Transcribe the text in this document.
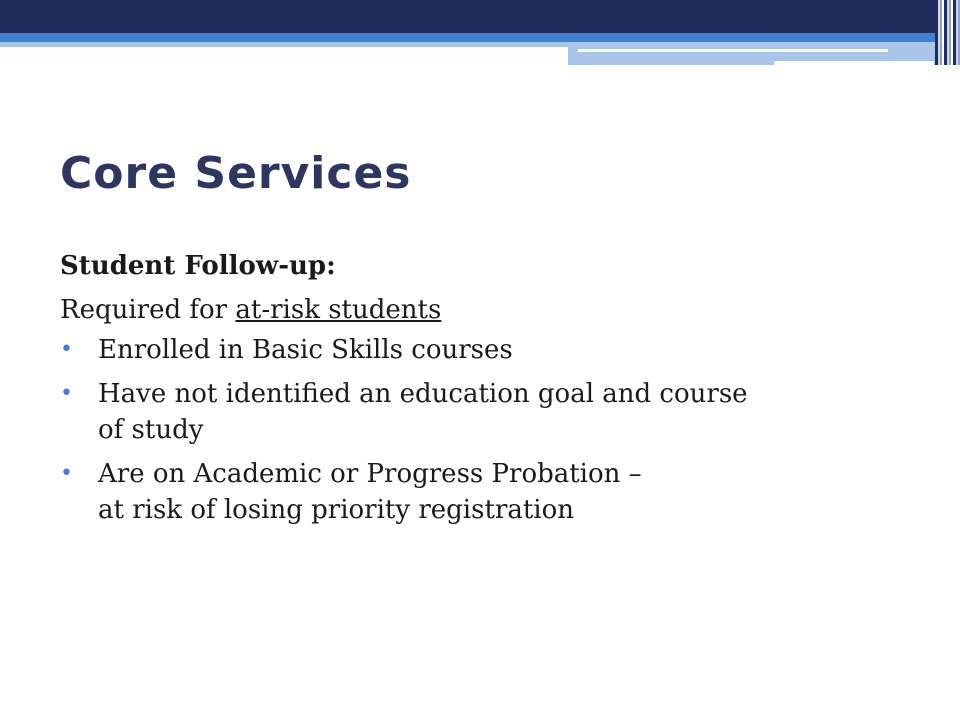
Core Services

Student Follow-up:

Required for at-risk students

• Enrolled in Basic Skills courses
• Have not identified an education goal and course
of study
• Are on Academic or Progress Probation –
at risk of losing priority registration
